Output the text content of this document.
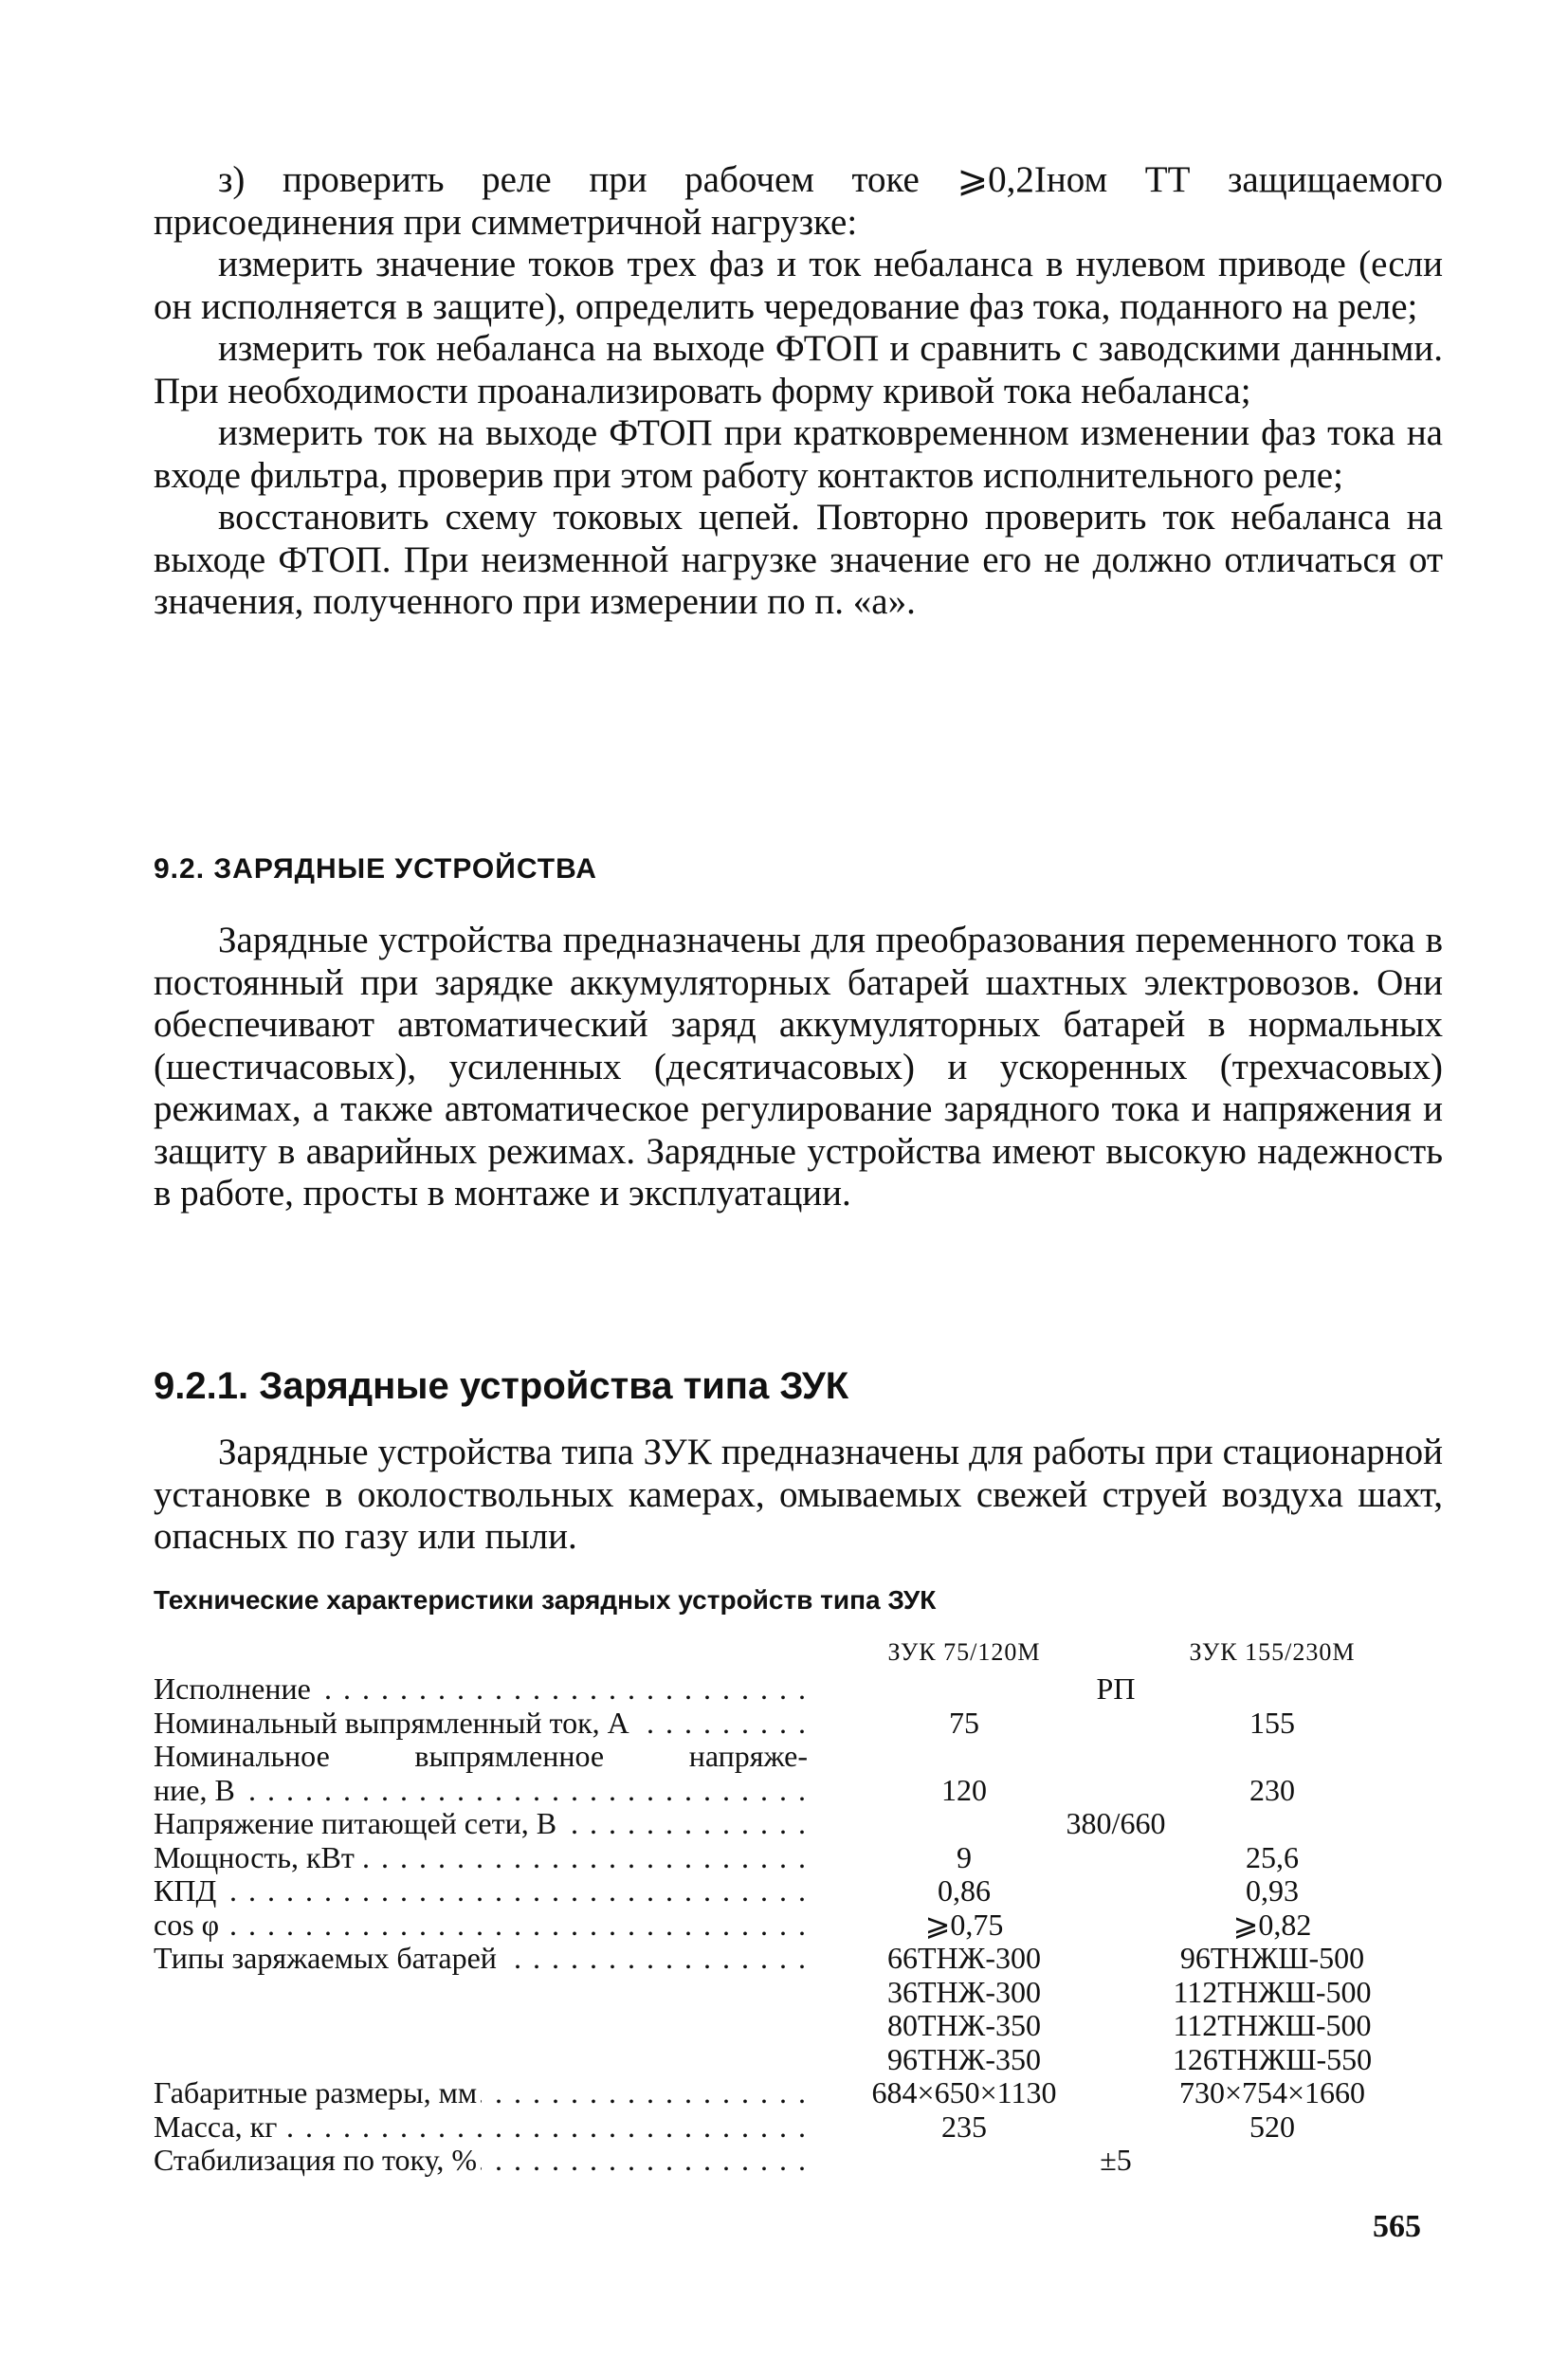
з) проверить реле при рабочем токе ⩾0,2Iном ТТ защищаемого присоединения при симметричной нагрузке:

измерить значение токов трех фаз и ток небаланса в нулевом приводе (если он исполняется в защите), определить чередование фаз тока, поданного на реле;

измерить ток небаланса на выходе ФТОП и сравнить с заводскими данными. При необходимости проанализировать форму кривой тока небаланса;

измерить ток на выходе ФТОП при кратковременном изменении фаз тока на входе фильтра, проверив при этом работу контактов исполнительного реле;

восстановить схему токовых цепей. Повторно проверить ток небаланса на выходе ФТОП. При неизменной нагрузке значение его не должно отличаться от значения, полученного при измерении по п. «а».

9.2. ЗАРЯДНЫЕ УСТРОЙСТВА

Зарядные устройства предназначены для преобразования переменного тока в постоянный при зарядке аккумуляторных батарей шахтных электровозов. Они обеспечивают автоматический заряд аккумуляторных батарей в нормальных (шестичасовых), усиленных (десятичасовых) и ускоренных (трехчасовых) режимах, а также автоматическое регулирование зарядного тока и напряжения и защиту в аварийных режимах. Зарядные устройства имеют высокую надежность в работе, просты в монтаже и эксплуатации.

9.2.1. Зарядные устройства типа ЗУК

Зарядные устройства типа ЗУК предназначены для работы при стационарной установке в околоствольных камерах, омываемых свежей струей воздуха шахт, опасных по газу или пыли.

Технические характеристики зарядных устройств типа ЗУК
ЗУК 75/120М	ЗУК 155/230М
Исполнение . . .	РП
Номинальный выпрямленный ток, А . . .	75	155
Номинальное выпрямленное напряже-
ние, В . . .	120	230
Напряжение питающей сети, В . . .	380/660
Мощность, кВт . . .	9	25,6
КПД . . .	0,86	0,93
cos φ . . .	⩾0,75	⩾0,82
Типы заряжаемых батарей . . .	66ТНЖ-300	96ТНЖШ-500
36ТНЖ-300	112ТНЖШ-500
80ТНЖ-350	112ТНЖШ-500
96ТНЖ-350	126ТНЖШ-550
Габаритные размеры, мм . . .	684×650×1130	730×754×1660
Масса, кг . . .	235	520
Стабилизация по току, % . . .	±5
565
